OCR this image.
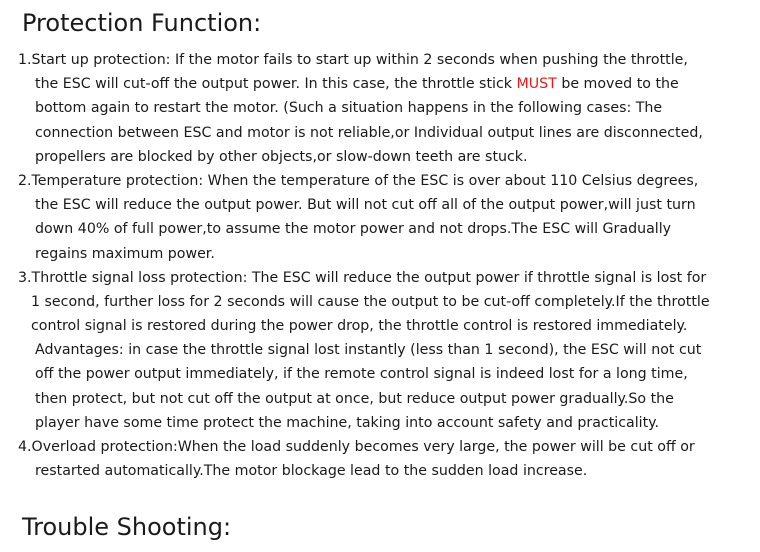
Protection Function:
1.Start up protection: If the motor fails to start up within 2 seconds when pushing the throttle,
the ESC will cut-off the output power. In this case, the throttle stick MUST be moved to the
bottom again to restart the motor. (Such a situation happens in the following cases: The
connection between ESC and motor is not reliable,or Individual output lines are disconnected,
propellers are blocked by other objects,or slow-down teeth are stuck.
2.Temperature protection: When the temperature of the ESC is over about 110 Celsius degrees,
the ESC will reduce the output power. But will not cut off all of the output power,will just turn
down 40% of full power,to assume the motor power and not drops.The ESC will Gradually
regains maximum power.
3.Throttle signal loss protection: The ESC will reduce the output power if throttle signal is lost for
1 second, further loss for 2 seconds will cause the output to be cut-off completely.If the throttle
control signal is restored during the power drop, the throttle control is restored immediately.
Advantages: in case the throttle signal lost instantly (less than 1 second), the ESC will not cut
off the power output immediately, if the remote control signal is indeed lost for a long time,
then protect, but not cut off the output at once, but reduce output power gradually.So the
player have some time protect the machine, taking into account safety and practicality.
4.Overload protection:When the load suddenly becomes very large, the power will be cut off or
restarted automatically.The motor blockage lead to the sudden load increase.
Trouble Shooting:
